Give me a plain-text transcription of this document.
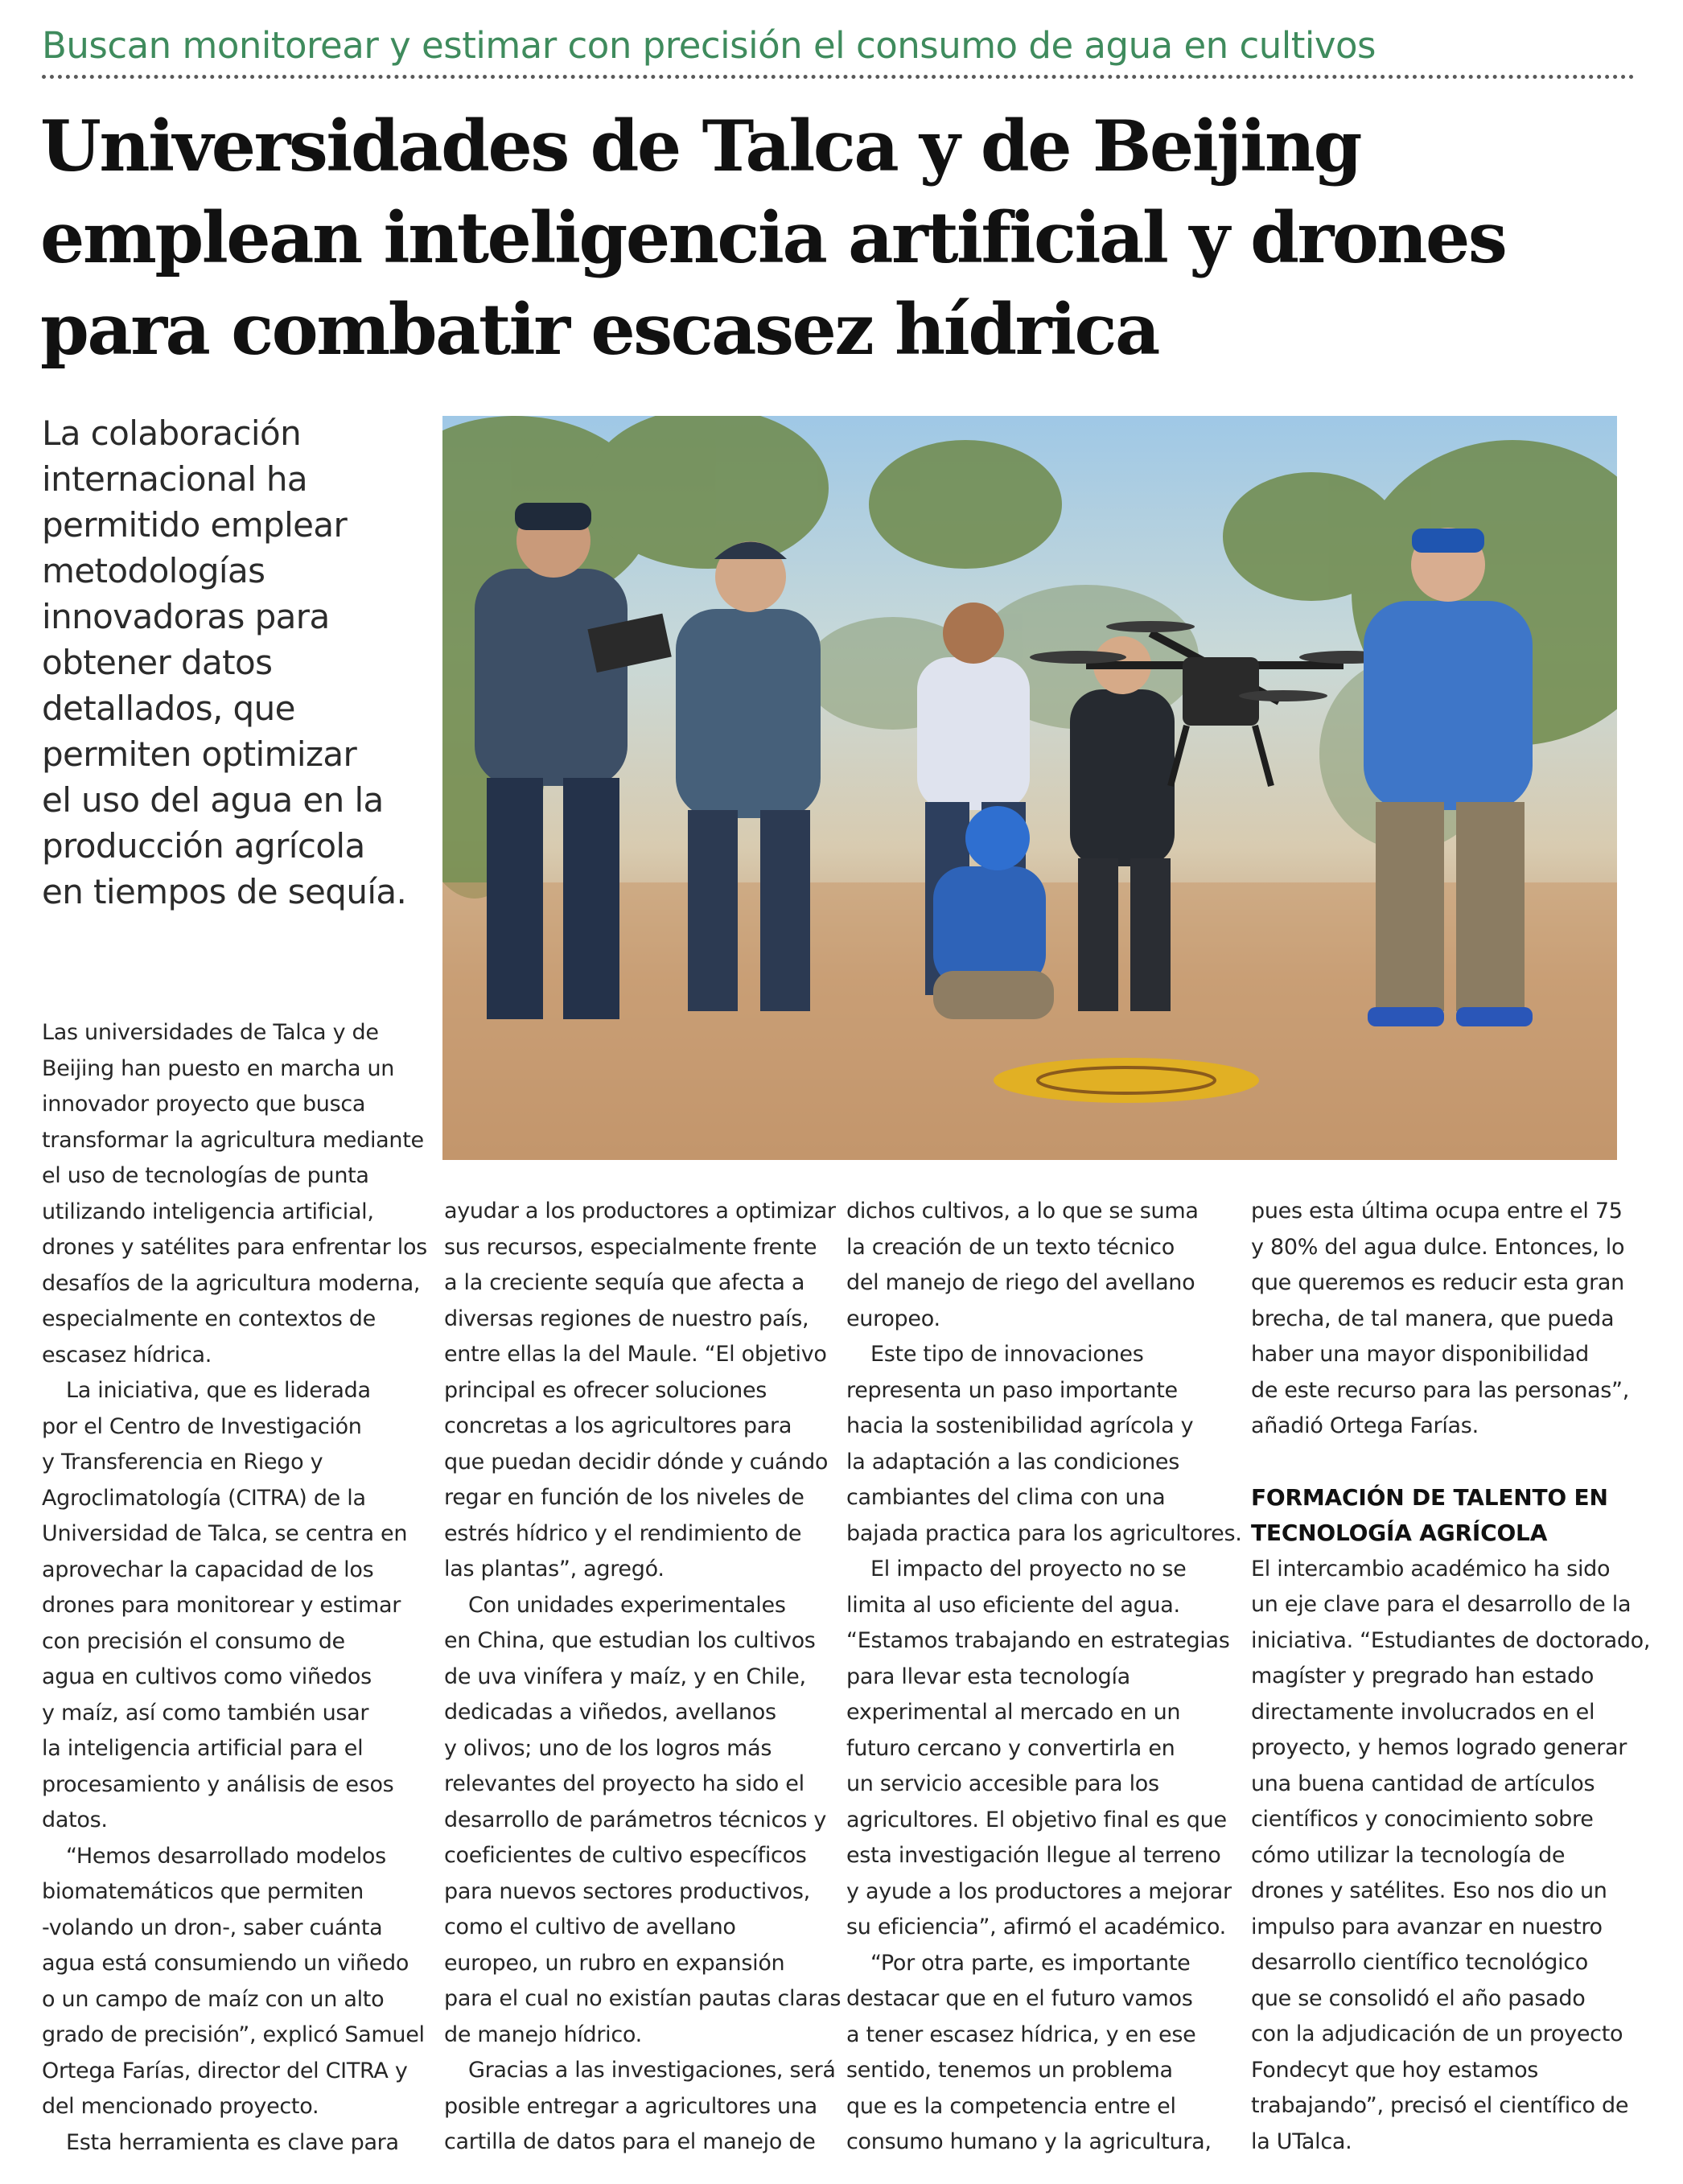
Buscan monitorear y estimar con precisión el consumo de agua en cultivos
Universidades de Talca y de Beijing
emplean inteligencia artificial y drones
para combatir escasez hídrica
La colaboración
internacional ha
permitido emplear
metodologías
innovadoras para
obtener datos
detallados, que
permiten optimizar
el uso del agua en la
producción agrícola
en tiempos de sequía.
Las universidades de Talca y de
Beijing han puesto en marcha un
innovador proyecto que busca
transformar la agricultura mediante
el uso de tecnologías de punta
utilizando inteligencia artificial,
drones y satélites para enfrentar los
desafíos de la agricultura moderna,
especialmente en contextos de
escasez hídrica.
La iniciativa, que es liderada
por el Centro de Investigación
y Transferencia en Riego y
Agroclimatología (CITRA) de la
Universidad de Talca, se centra en
aprovechar la capacidad de los
drones para monitorear y estimar
con precisión el consumo de
agua en cultivos como viñedos
y maíz, así como también usar
la inteligencia artificial para el
procesamiento y análisis de esos
datos.
“Hemos desarrollado modelos
biomatemáticos que permiten
-volando un dron-, saber cuánta
agua está consumiendo un viñedo
o un campo de maíz con un alto
grado de precisión”, explicó Samuel
Ortega Farías, director del CITRA y
del mencionado proyecto.
Esta herramienta es clave para
ayudar a los productores a optimizar
sus recursos, especialmente frente
a la creciente sequía que afecta a
diversas regiones de nuestro país,
entre ellas la del Maule. “El objetivo
principal es ofrecer soluciones
concretas a los agricultores para
que puedan decidir dónde y cuándo
regar en función de los niveles de
estrés hídrico y el rendimiento de
las plantas”, agregó.
Con unidades experimentales
en China, que estudian los cultivos
de uva vinífera y maíz, y en Chile,
dedicadas a viñedos, avellanos
y olivos; uno de los logros más
relevantes del proyecto ha sido el
desarrollo de parámetros técnicos y
coeficientes de cultivo específicos
para nuevos sectores productivos,
como el cultivo de avellano
europeo, un rubro en expansión
para el cual no existían pautas claras
de manejo hídrico.
Gracias a las investigaciones, será
posible entregar a agricultores una
cartilla de datos para el manejo de
dichos cultivos, a lo que se suma
la creación de un texto técnico
del manejo de riego del avellano
europeo.
Este tipo de innovaciones
representa un paso importante
hacia la sostenibilidad agrícola y
la adaptación a las condiciones
cambiantes del clima con una
bajada practica para los agricultores.
El impacto del proyecto no se
limita al uso eficiente del agua.
“Estamos trabajando en estrategias
para llevar esta tecnología
experimental al mercado en un
futuro cercano y convertirla en
un servicio accesible para los
agricultores. El objetivo final es que
esta investigación llegue al terreno
y ayude a los productores a mejorar
su eficiencia”, afirmó el académico.
“Por otra parte, es importante
destacar que en el futuro vamos
a tener escasez hídrica, y en ese
sentido, tenemos un problema
que es la competencia entre el
consumo humano y la agricultura,
pues esta última ocupa entre el 75
y 80% del agua dulce. Entonces, lo
que queremos es reducir esta gran
brecha, de tal manera, que pueda
haber una mayor disponibilidad
de este recurso para las personas”,
añadió Ortega Farías.
FORMACIÓN DE TALENTO EN
TECNOLOGÍA AGRÍCOLA
El intercambio académico ha sido
un eje clave para el desarrollo de la
iniciativa. “Estudiantes de doctorado,
magíster y pregrado han estado
directamente involucrados en el
proyecto, y hemos logrado generar
una buena cantidad de artículos
científicos y conocimiento sobre
cómo utilizar la tecnología de
drones y satélites. Eso nos dio un
impulso para avanzar en nuestro
desarrollo científico tecnológico
que se consolidó el año pasado
con la adjudicación de un proyecto
Fondecyt que hoy estamos
trabajando”, precisó el científico de
la UTalca.
